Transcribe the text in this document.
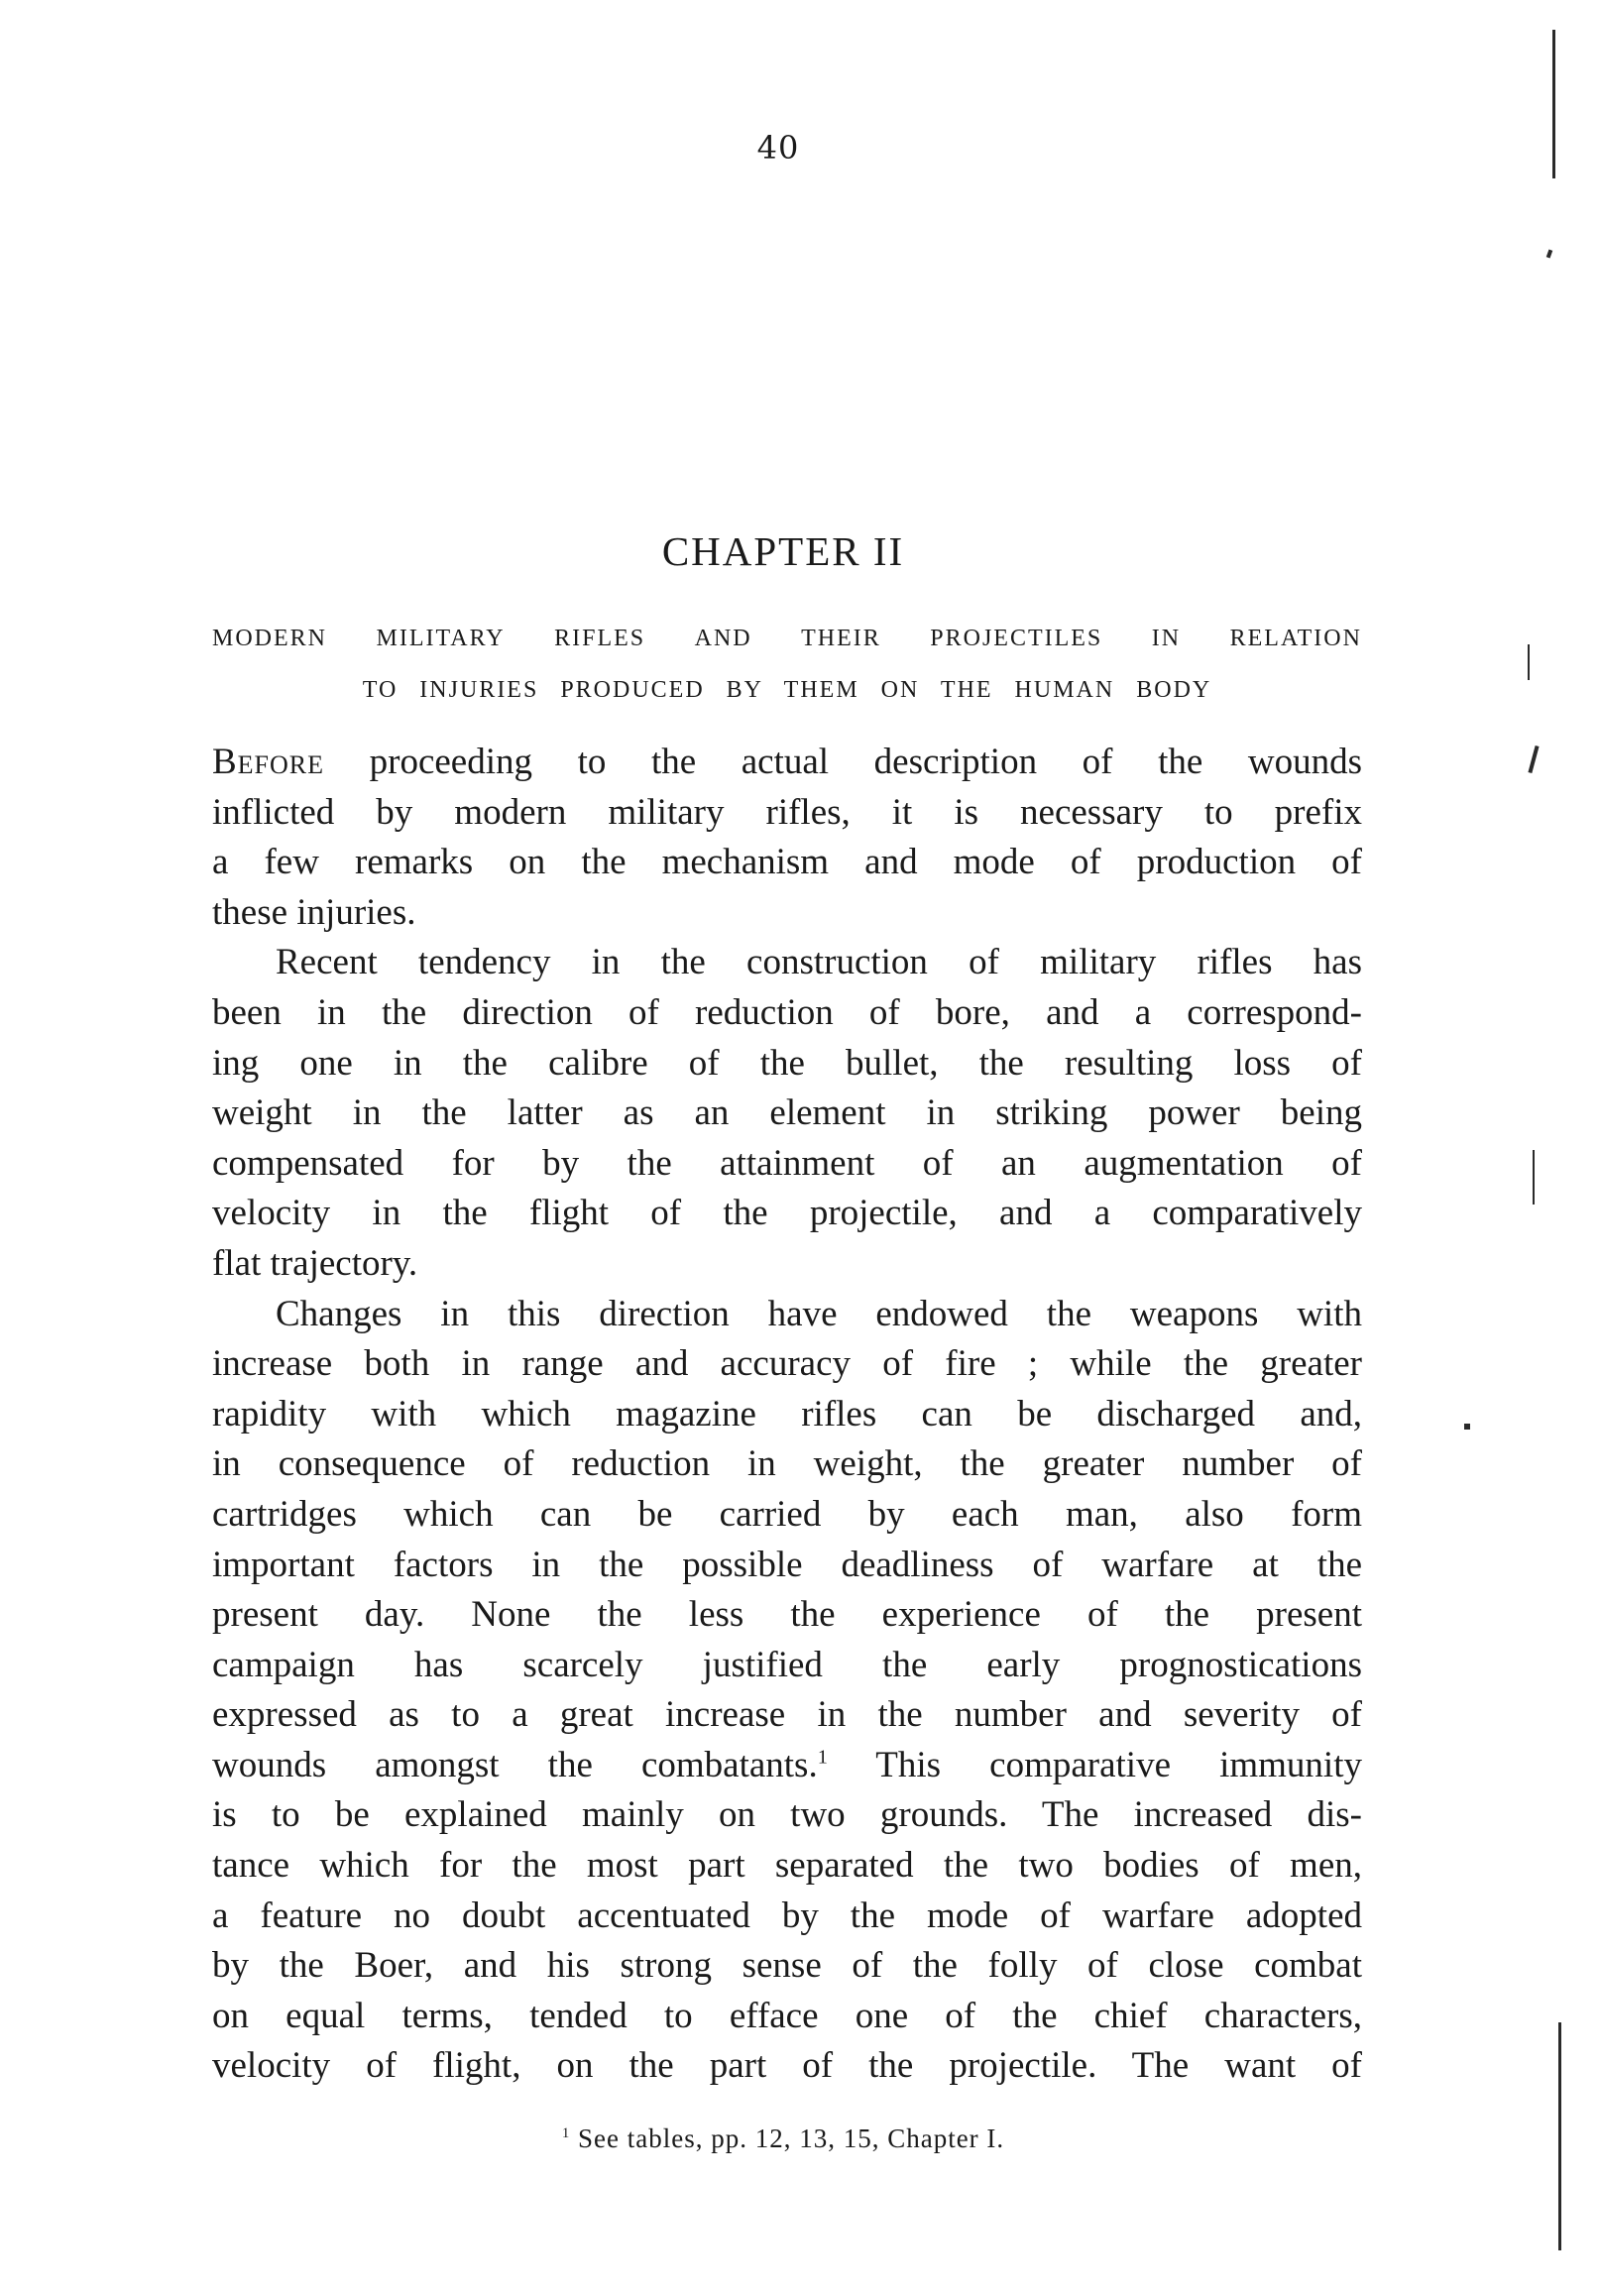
40
CHAPTER II
MODERN MILITARY RIFLES AND THEIR PROJECTILES IN RELATION
TO INJURIES PRODUCED BY THEM ON THE HUMAN BODY
Before proceeding to the actual description of the wounds
inflicted by modern military rifles, it is necessary to prefix
a few remarks on the mechanism and mode of production of
these injuries.
Recent tendency in the construction of military rifles has
been in the direction of reduction of bore, and a correspond-
ing one in the calibre of the bullet, the resulting loss of
weight in the latter as an element in striking power being
compensated for by the attainment of an augmentation of
velocity in the flight of the projectile, and a comparatively
flat trajectory.
Changes in this direction have endowed the weapons with
increase both in range and accuracy of fire ; while the greater
rapidity with which magazine rifles can be discharged and,
in consequence of reduction in weight, the greater number of
cartridges which can be carried by each man, also form
important factors in the possible deadliness of warfare at the
present day. None the less the experience of the present
campaign has scarcely justified the early prognostications
expressed as to a great increase in the number and severity of
wounds amongst the combatants.$^1$ This comparative immunity
is to be explained mainly on two grounds. The increased dis-
tance which for the most part separated the two bodies of men,
a feature no doubt accentuated by the mode of warfare adopted
by the Boer, and his strong sense of the folly of close combat
on equal terms, tended to efface one of the chief characters,
velocity of flight, on the part of the projectile. The want of
$^1$ See tables, pp. 12, 13, 15, Chapter I.
